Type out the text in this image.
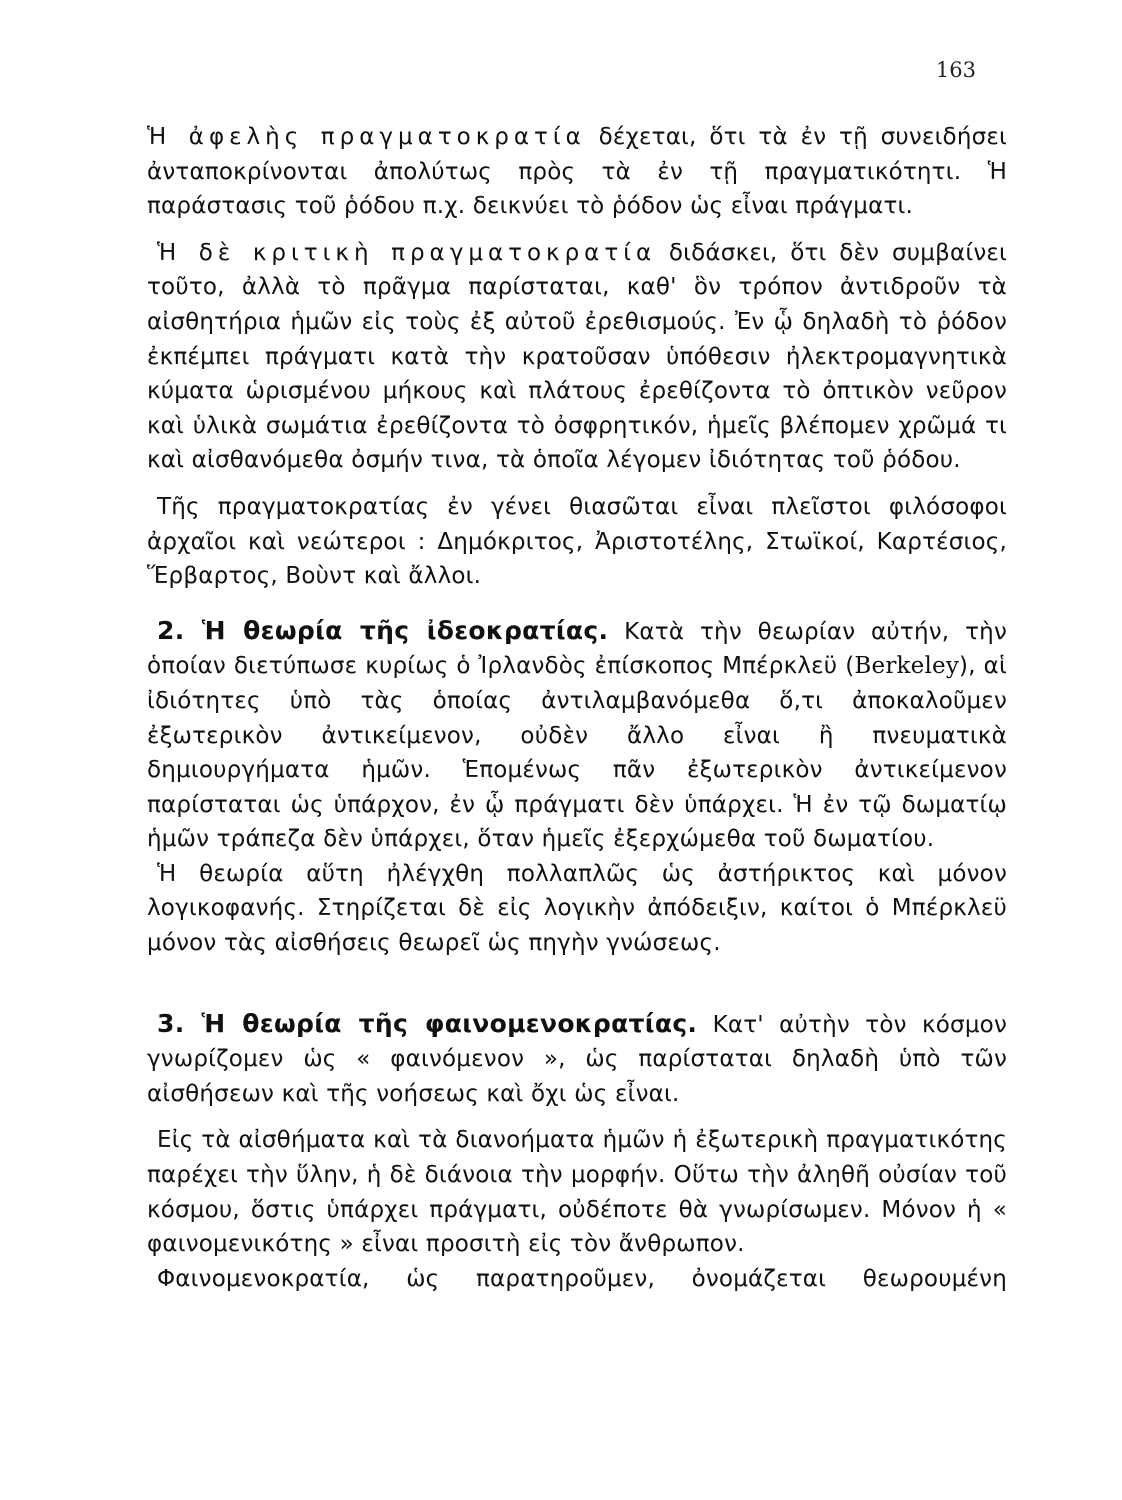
163

Ἡ ἀφελὴς πραγματοκρατία δέχεται, ὅτι τὰ ἐν τῇ συνειδήσει ἀνταποκρίνονται ἀπολύτως πρὸς τὰ ἐν τῇ πραγματικότητι. Ἡ παράστασις τοῦ ῥόδου π.χ. δεικνύει τὸ ῥόδον ὡς εἶναι πράγματι.

Ἡ δὲ κριτικὴ πραγματοκρατία διδάσκει, ὅτι δὲν συμβαίνει τοῦτο, ἀλλὰ τὸ πρᾶγμα παρίσταται, καθ' ὃν τρόπον ἀντιδροῦν τὰ αἰσθητήρια ἡμῶν εἰς τοὺς ἐξ αὐτοῦ ἐρεθισμούς. Ἐν ᾧ δηλαδὴ τὸ ῥόδον ἐκπέμπει πράγματι κατὰ τὴν κρατοῦσαν ὑπόθεσιν ἠλεκτρομαγνητικὰ κύματα ὡρισμένου μήκους καὶ πλάτους ἐρεθίζοντα τὸ ὀπτικὸν νεῦρον καὶ ὑλικὰ σωμάτια ἐρεθίζοντα τὸ ὀσφρητικόν, ἡμεῖς βλέπομεν χρῶμά τι καὶ αἰσθανόμεθα ὀσμήν τινα, τὰ ὁποῖα λέγομεν ἰδιότητας τοῦ ῥόδου.

Τῆς πραγματοκρατίας ἐν γένει θιασῶται εἶναι πλεῖστοι φιλόσοφοι ἀρχαῖοι καὶ νεώτεροι : Δημόκριτος, Ἀριστοτέλης, Στωϊκοί, Καρτέσιος, Ἕρβαρτος, Βοὺντ καὶ ἄλλοι.

2. Ἡ θεωρία τῆς ἰδεοκρατίας. Κατὰ τὴν θεωρίαν αὐτήν, τὴν ὁποίαν διετύπωσε κυρίως ὁ Ἰρλανδὸς ἐπίσκοπος Μπέρκλεϋ (Berkeley), αἱ ἰδιότητες ὑπὸ τὰς ὁποίας ἀντιλαμβανόμεθα ὅ,τι ἀποκαλοῦμεν ἐξωτερικὸν ἀντικείμενον, οὐδὲν ἄλλο εἶναι ἢ πνευματικὰ δημιουργήματα ἡμῶν. Ἑπομένως πᾶν ἐξωτερικὸν ἀντικείμενον παρίσταται ὡς ὑπάρχον, ἐν ᾧ πράγματι δὲν ὑπάρχει. Ἡ ἐν τῷ δωματίῳ ἡμῶν τράπεζα δὲν ὑπάρχει, ὅταν ἡμεῖς ἐξερχώμεθα τοῦ δωματίου.

Ἡ θεωρία αὕτη ἠλέγχθη πολλαπλῶς ὡς ἀστήρικτος καὶ μόνον λογικοφανής. Στηρίζεται δὲ εἰς λογικὴν ἀπόδειξιν, καίτοι ὁ Μπέρκλεϋ μόνον τὰς αἰσθήσεις θεωρεῖ ὡς πηγὴν γνώσεως.

3. Ἡ θεωρία τῆς φαινομενοκρατίας. Κατ' αὐτὴν τὸν κόσμον γνωρίζομεν ὡς « φαινόμενον », ὡς παρίσταται δηλαδὴ ὑπὸ τῶν αἰσθήσεων καὶ τῆς νοήσεως καὶ ὄχι ὡς εἶναι.

Εἰς τὰ αἰσθήματα καὶ τὰ διανοήματα ἡμῶν ἡ ἐξωτερικὴ πραγματικότης παρέχει τὴν ὕλην, ἡ δὲ διάνοια τὴν μορφήν. Οὕτω τὴν ἀληθῆ οὐσίαν τοῦ κόσμου, ὅστις ὑπάρχει πράγματι, οὐδέποτε θὰ γνωρίσωμεν. Μόνον ἡ « φαινομενικότης » εἶναι προσιτὴ εἰς τὸν ἄνθρωπον.

Φαινομενοκρατία, ὡς παρατηροῦμεν, ὀνομάζεται θεωρουμένη
